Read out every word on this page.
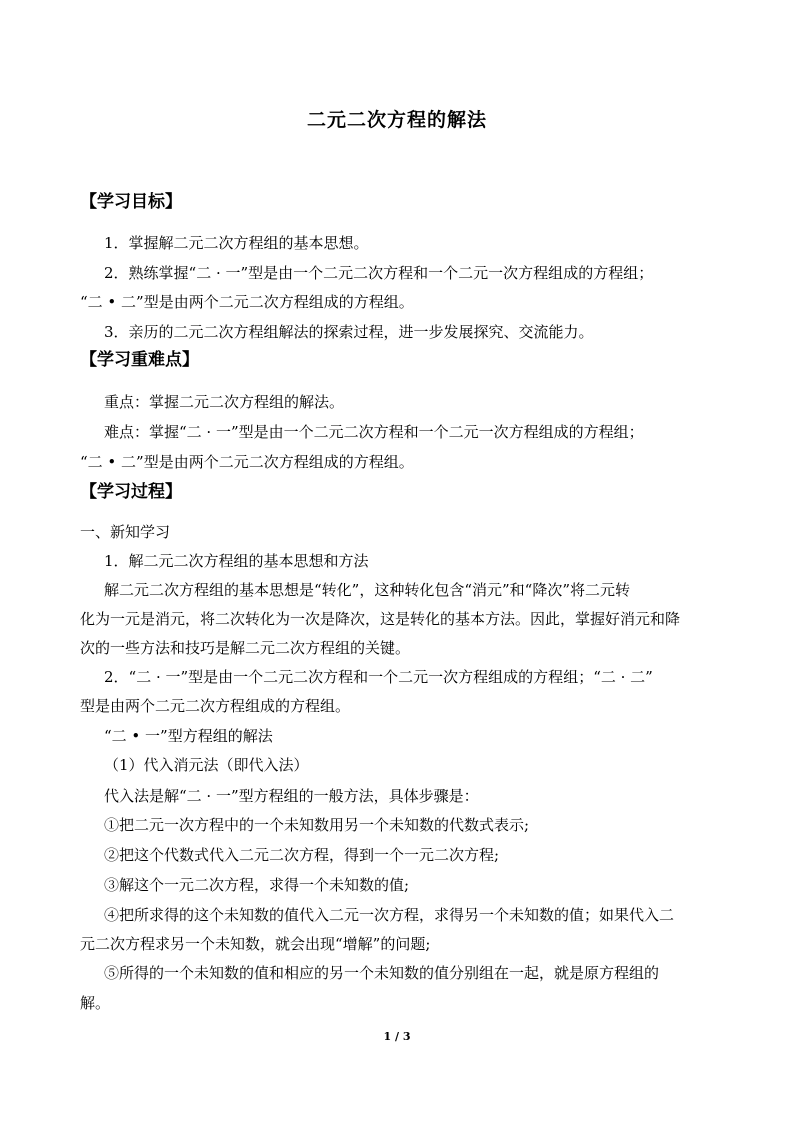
二元二次方程的解法
【学习目标】
1．掌握解二元二次方程组的基本思想。
2．熟练掌握“二 · 一”型是由一个二元二次方程和一个二元一次方程组成的方程组；
“二 • 二”型是由两个二元二次方程组成的方程组。
3．亲历的二元二次方程组解法的探索过程，进一步发展探究、交流能力。
【学习重难点】
重点：掌握二元二次方程组的解法。
难点：掌握“二 · 一”型是由一个二元二次方程和一个二元一次方程组成的方程组；
“二 • 二”型是由两个二元二次方程组成的方程组。
【学习过程】
一、新知学习
1．解二元二次方程组的基本思想和方法
解二元二次方程组的基本思想是“转化”，这种转化包含“消元”和“降次”将二元转
化为一元是消元，将二次转化为一次是降次，这是转化的基本方法。因此，掌握好消元和降
次的一些方法和技巧是解二元二次方程组的关键。
2．“二 · 一”型是由一个二元二次方程和一个二元一次方程组成的方程组；“二 · 二”
型是由两个二元二次方程组成的方程组。
“二 • 一”型方程组的解法
（1）代入消元法（即代入法）
代入法是解“二 · 一”型方程组的一般方法，具体步骤是：
①把二元一次方程中的一个未知数用另一个未知数的代数式表示;
②把这个代数式代入二元二次方程，得到一个一元二次方程;
③解这个一元二次方程，求得一个未知数的值;
④把所求得的这个未知数的值代入二元一次方程，求得另一个未知数的值；如果代入二
元二次方程求另一个未知数，就会出现“增解”的问题;
⑤所得的一个未知数的值和相应的另一个未知数的值分别组在一起，就是原方程组的
解。
1 / 3
